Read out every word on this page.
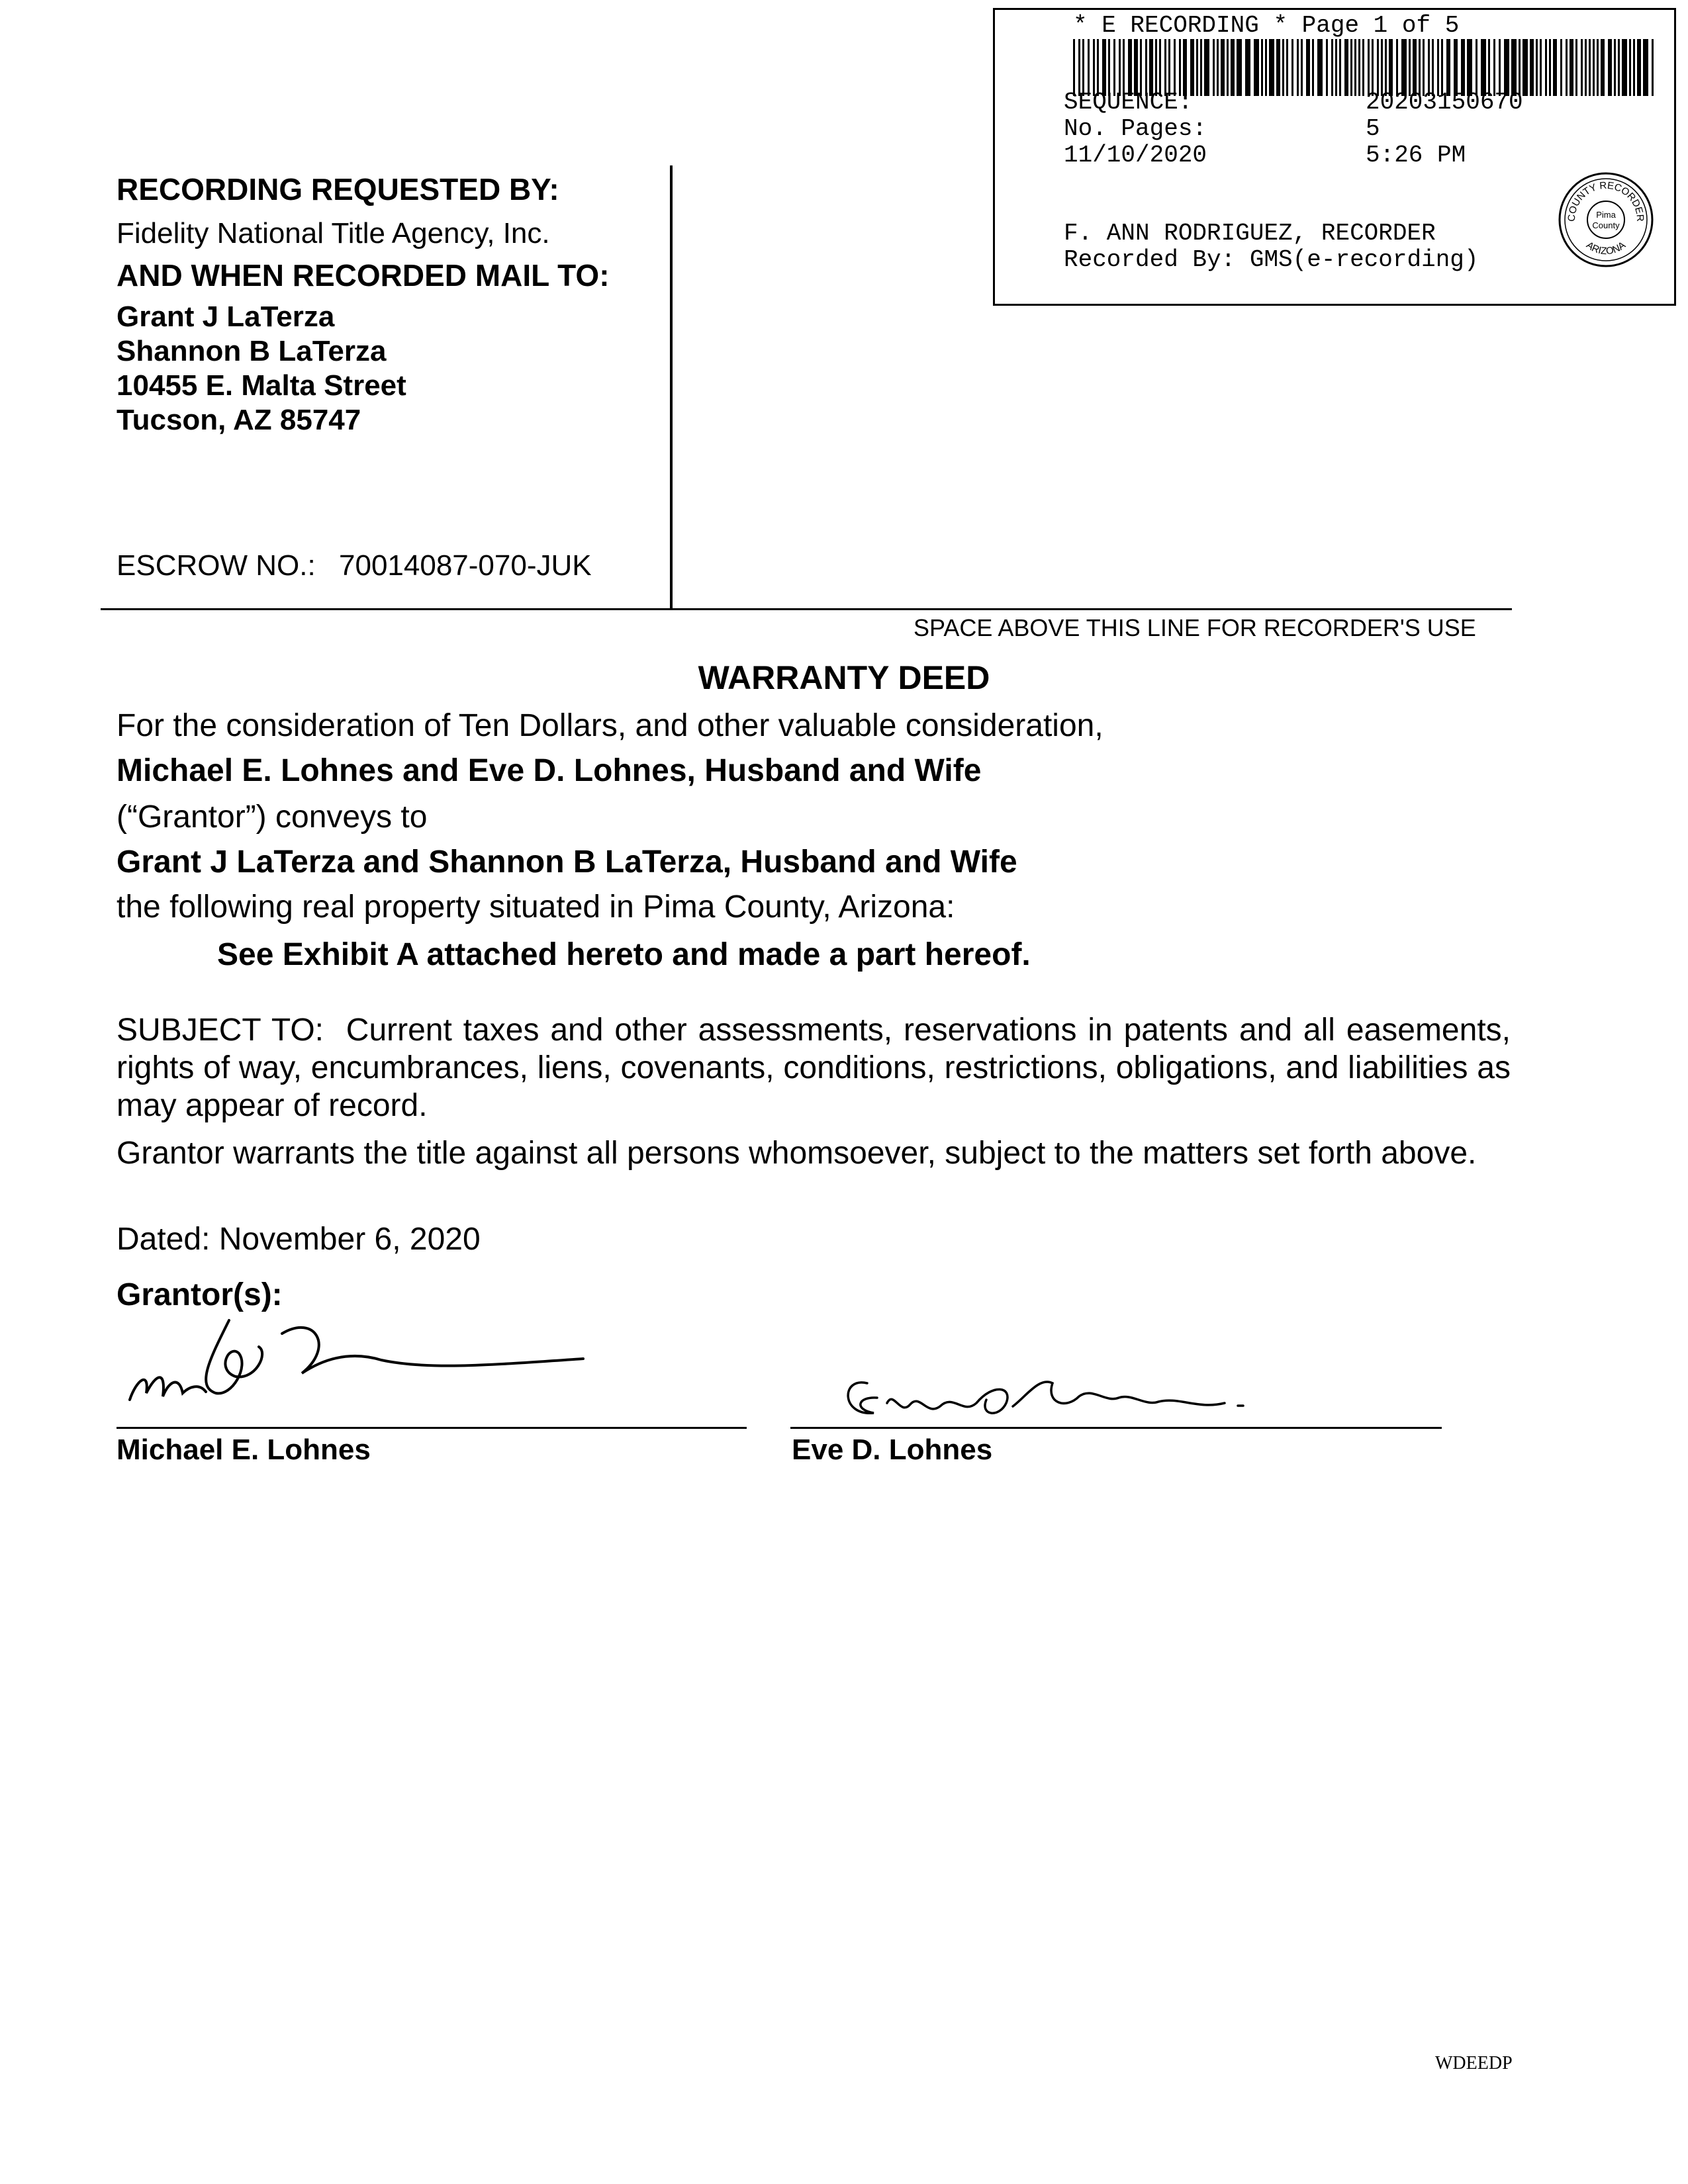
* E RECORDING * Page 1 of 5
SEQUENCE:	20203150670
No. Pages:	5
11/10/2020	5:26 PM
F. ANN RODRIGUEZ, RECORDER
Recorded By: GMS(e-recording)
COUNTY RECORDER
ARIZONA
Pima
County
RECORDING REQUESTED BY:
Fidelity National Title Agency, Inc.
AND WHEN RECORDED MAIL TO:
Grant J LaTerza
Shannon B LaTerza
10455 E. Malta Street
Tucson, AZ 85747
ESCROW NO.: 70014087-070-JUK
SPACE ABOVE THIS LINE FOR RECORDER'S USE
WARRANTY DEED
For the consideration of Ten Dollars, and other valuable consideration,
Michael E. Lohnes and Eve D. Lohnes, Husband and Wife
(“Grantor”) conveys to
Grant J LaTerza and Shannon B LaTerza, Husband and Wife
the following real property situated in Pima County, Arizona:
See Exhibit A attached hereto and made a part hereof.

SUBJECT TO:  Current taxes and other assessments, reservations in patents and all easements, rights of way, encumbrances, liens, covenants, conditions, restrictions, obligations, and liabilities as may appear of record.

Grantor warrants the title against all persons whomsoever, subject to the matters set forth above.

Dated: November 6, 2020
Grantor(s):
Michael E. Lohnes	Eve D. Lohnes
WDEEDP
